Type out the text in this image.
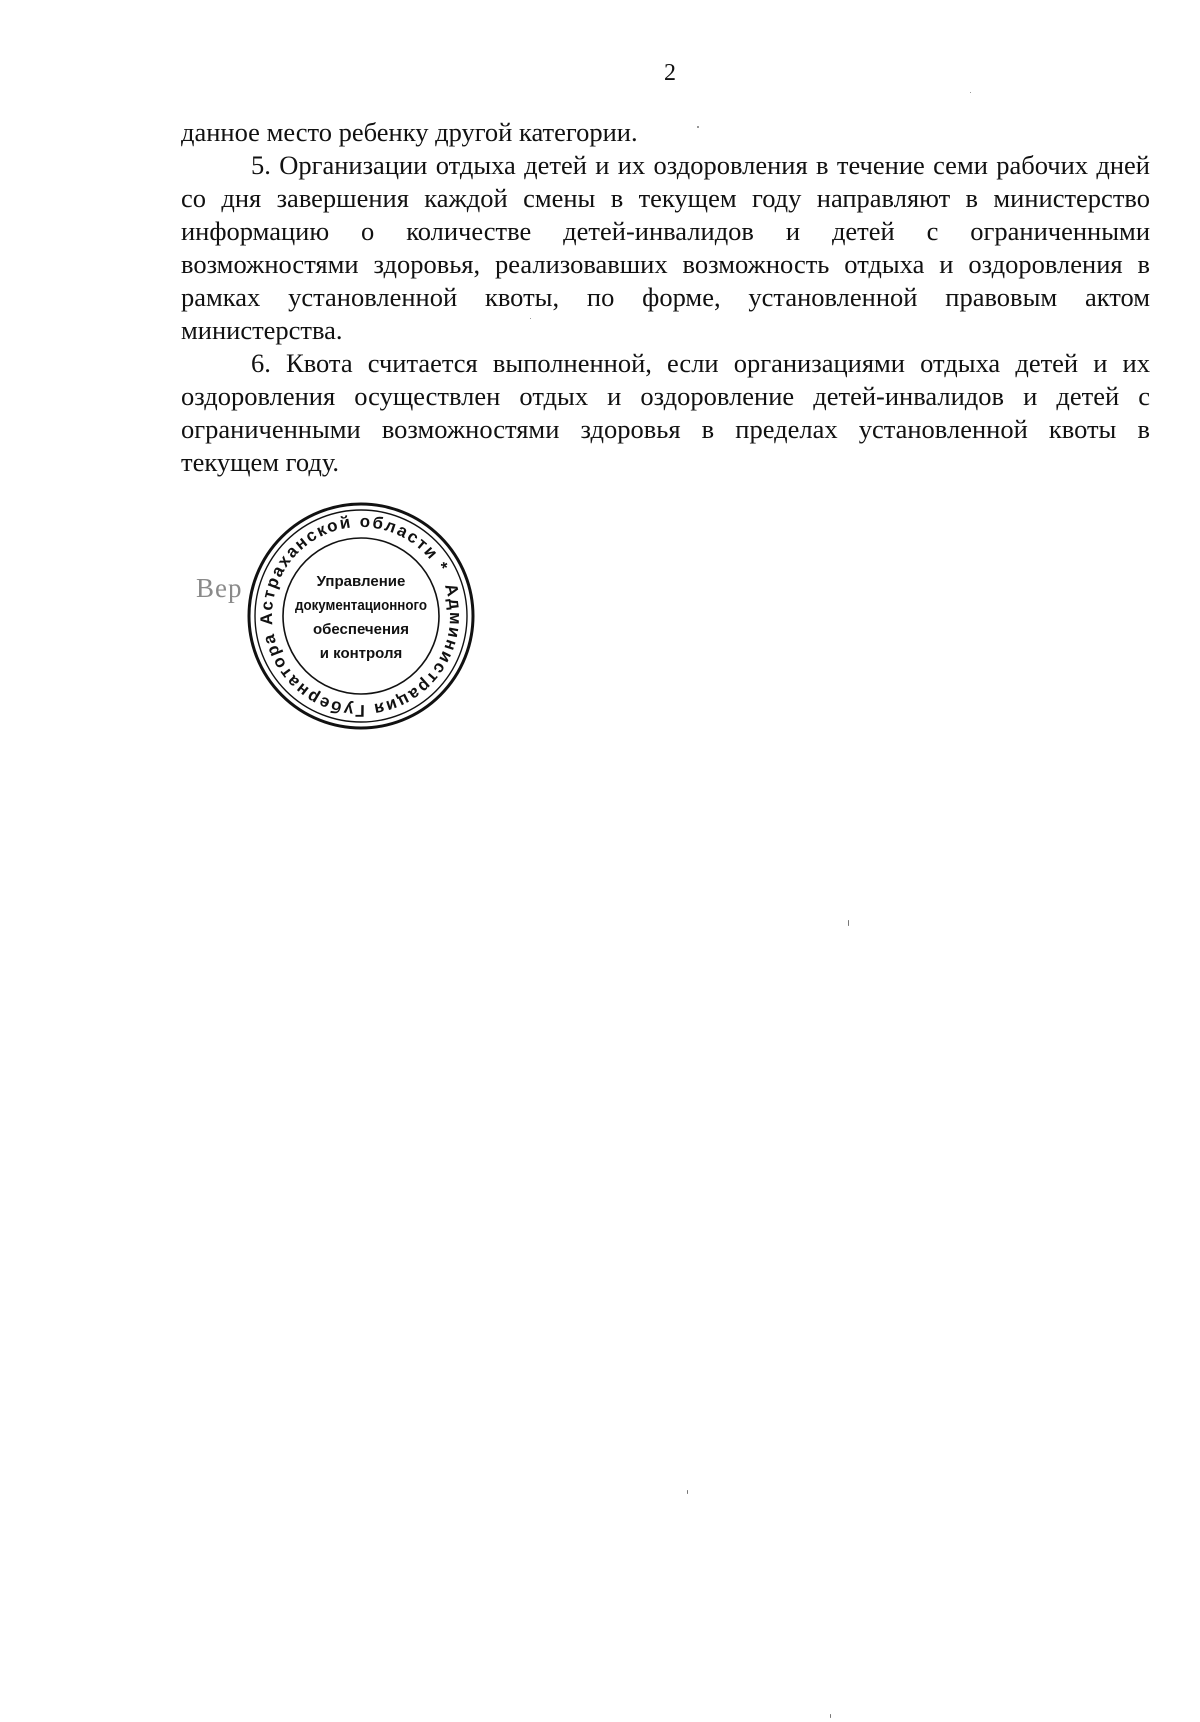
2

данное место ребенку другой категории.

5. Организации отдыха детей и их оздоровления в течение семи рабочих дней со дня завершения каждой смены в текущем году направляют в министерство информацию о количестве детей-инвалидов и детей с ограниченными возможностями здоровья, реализовавших возможность отдыха и оздоровления в рамках установленной квоты, по форме, установленной правовым актом министерства.

6. Квота считается выполненной, если организациями отдыха детей и их оздоровления осуществлен отдых и оздоровление детей-инвалидов и детей с ограниченными возможностями здоровья в пределах установленной квоты в текущем году.

Вер	Администрация Губернатора Астраханской области *
Управление
документационного
обеспечения
и контроля
